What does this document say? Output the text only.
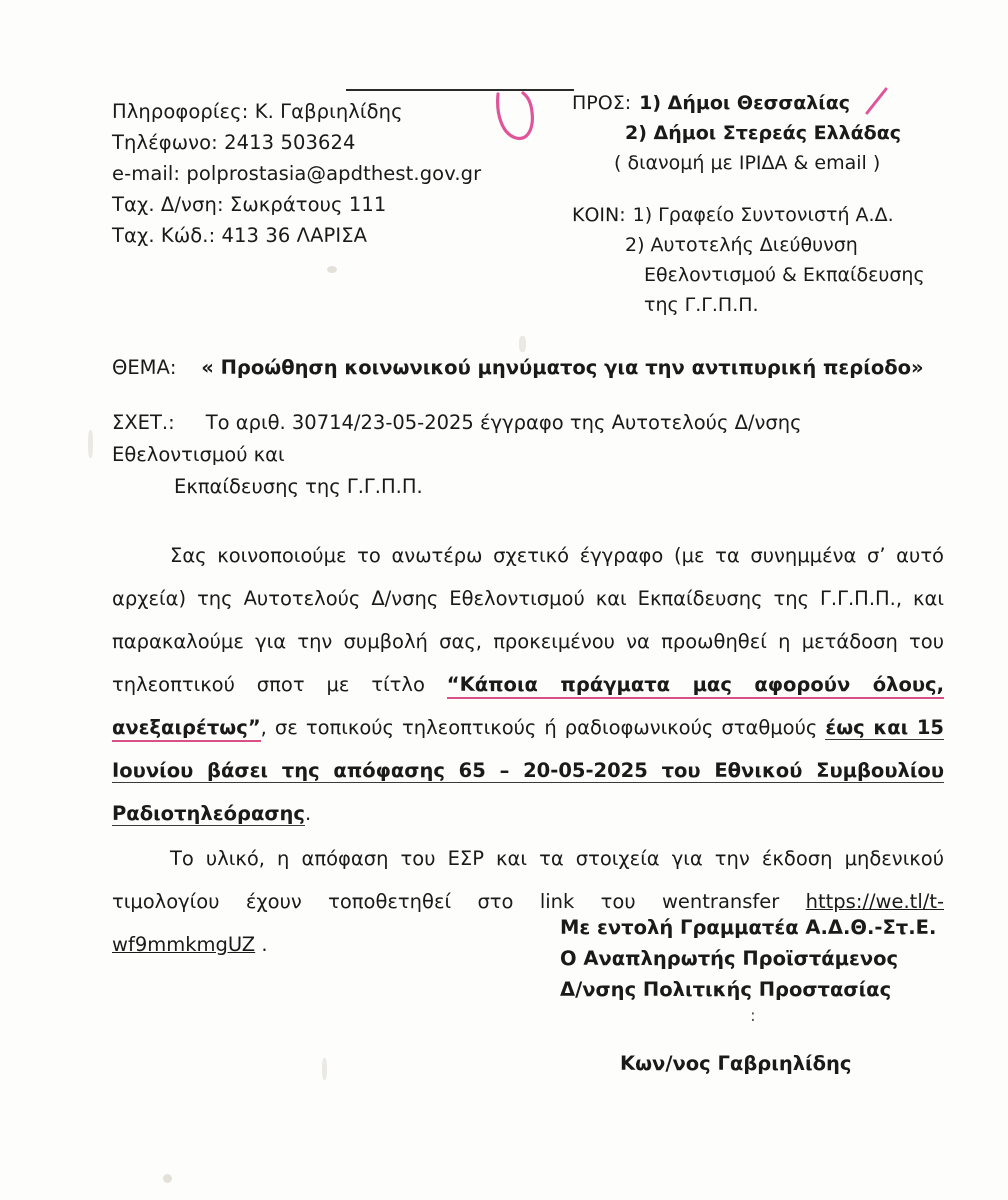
Πληροφορίες: Κ. Γαβριηλίδης
Τηλέφωνο: 2413 503624
e-mail: polprostasia@apdthest.gov.gr
Ταχ. Δ/νση: Σωκράτους 111
Ταχ. Κώδ.: 413 36 ΛΑΡΙΣΑ
ΠΡΟΣ: 1) Δήμοι Θεσσαλίας
2) Δήμοι Στερεάς Ελλάδας
( διανομή με ΙΡΙΔΑ & email )
ΚΟΙΝ: 1) Γραφείο Συντονιστή Α.Δ.
2) Αυτοτελής Διεύθυνση
Εθελοντισμού & Εκπαίδευσης
της Γ.Γ.Π.Π.
ΘΕΜΑ: « Προώθηση κοινωνικού μηνύματος για την αντιπυρική περίοδο»
ΣΧΕΤ.: Το αριθ. 30714/23-05-2025 έγγραφο της Αυτοτελούς Δ/νσης Εθελοντισμού και
Εκπαίδευσης της Γ.Γ.Π.Π.

Σας κοινοποιούμε το ανωτέρω σχετικό έγγραφο (με τα συνημμένα σ’ αυτό αρχεία) της Αυτοτελούς Δ/νσης Εθελοντισμού και Εκπαίδευσης της Γ.Γ.Π.Π., και παρακαλούμε για την συμβολή σας, προκειμένου να προωθηθεί η μετάδοση του τηλεοπτικού σποτ με τίτλο “Κάποια πράγματα μας αφορούν όλους, ανεξαιρέτως”, σε τοπικούς τηλεοπτικούς ή ραδιοφωνικούς σταθμούς έως και 15 Ιουνίου βάσει της απόφασης 65 – 20-05-2025 του Εθνικού Συμβουλίου Ραδιοτηλεόρασης.

Το υλικό, η απόφαση του ΕΣΡ και τα στοιχεία για την έκδοση μηδενικού τιμολογίου έχουν τοποθετηθεί στο link του wentransfer https://we.tl/t-wf9mmkmgUZ .

Με εντολή Γραμματέα Α.Δ.Θ.-Στ.Ε.
Ο Αναπληρωτής Προϊστάμενος
Δ/νσης Πολιτικής Προστασίας
:
Κων/νος Γαβριηλίδης
